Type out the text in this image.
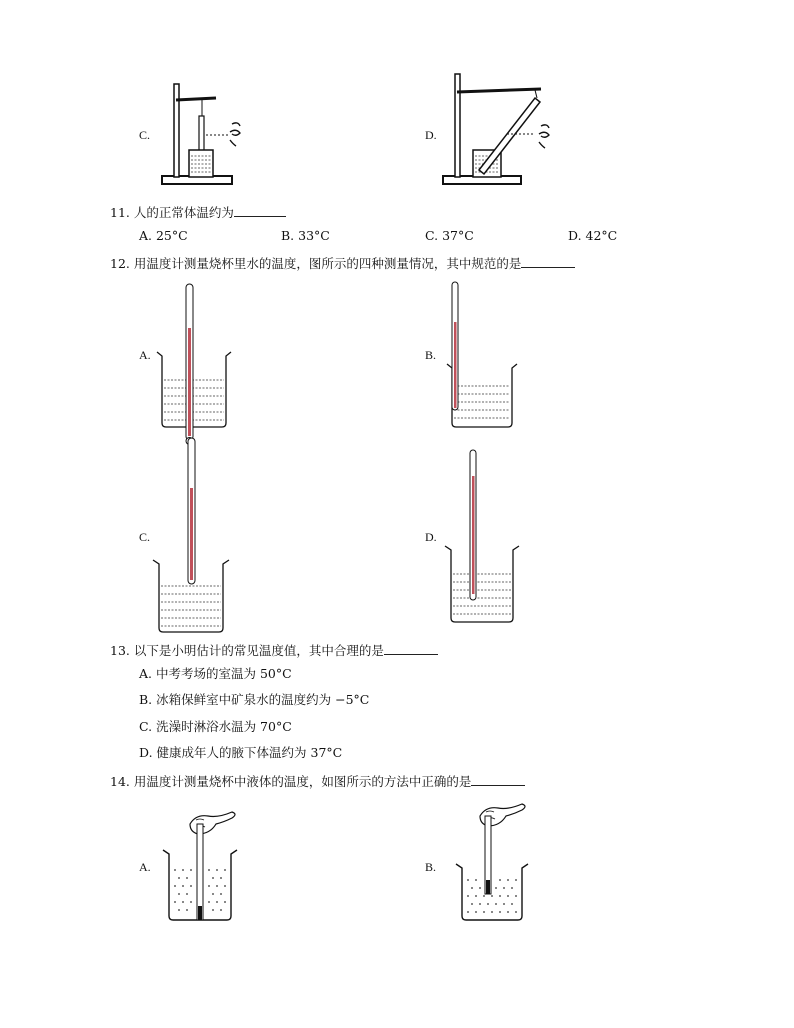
C.	D.
11. 人的正常体温约为
A. 25°C	B. 33°C	C. 37°C	D. 42°C
12. 用温度计测量烧杯里水的温度，图所示的四种测量情况，其中规范的是
A.	B.
C.	D.
13. 以下是小明估计的常见温度值，其中合理的是
A. 中考考场的室温为 50°C
B. 冰箱保鲜室中矿泉水的温度约为 −5°C
C. 洗澡时淋浴水温为 70°C
D. 健康成年人的腋下体温约为 37°C
14. 用温度计测量烧杯中液体的温度，如图所示的方法中正确的是
A.	B.
